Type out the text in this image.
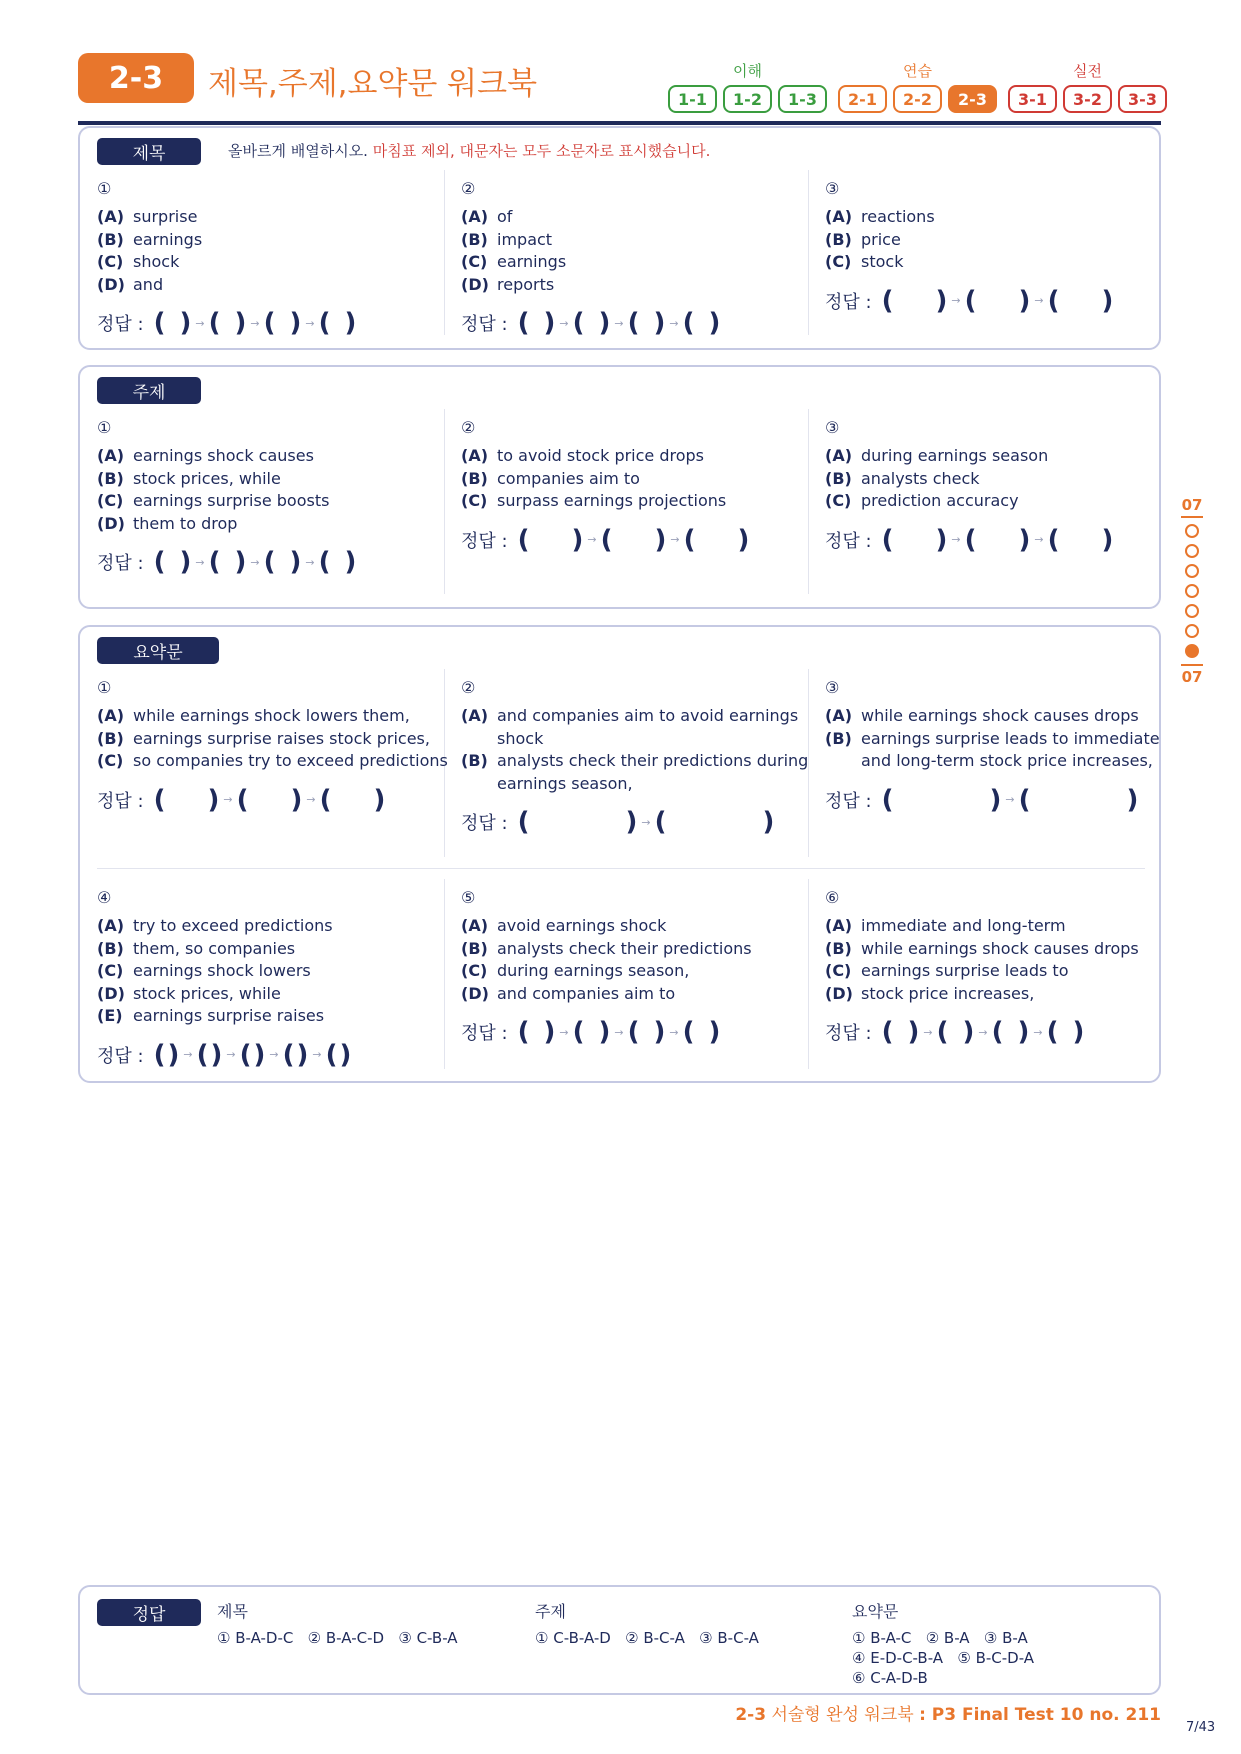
2-3	제목,주제,요약문 워크북	이해
1-1	1-2	1-3
연습
2-1	2-2	2-3
실전
3-1	3-2	3-3
제목	올바르게 배열하시오. 마침표 제외, 대문자는 모두 소문자로 표시했습니다.
①
(A) surprise
(B) earnings
(C) shock
(D) and
정답 : ( ) → ( ) → ( ) → ( )
②
(A) of
(B) impact
(C) earnings
(D) reports
정답 : ( ) → ( ) → ( ) → ( )
③
(A) reactions
(B) price
(C) stock
정답 : ( ) → ( ) → ( )
주제
①
(A) earnings shock causes
(B) stock prices, while
(C) earnings surprise boosts
(D) them to drop
정답 : ( ) → ( ) → ( ) → ( )
②
(A) to avoid stock price drops
(B) companies aim to
(C) surpass earnings projections
정답 : ( ) → ( ) → ( )
③
(A) during earnings season
(B) analysts check
(C) prediction accuracy
정답 : ( ) → ( ) → ( )
요약문
①
(A) while earnings shock lowers them,
(B) earnings surprise raises stock prices,
(C) so companies try to exceed predictions
정답 : ( ) → ( ) → ( )
②
(A) and companies aim to avoid earnings shock
(B) analysts check their predictions during earnings season,
정답 : (	) → (	)
③
(A) while earnings shock causes drops
(B) earnings surprise leads to immediate and long-term stock price increases,
정답 : (	) → (	)
④
(A) try to exceed predictions
(B) them, so companies
(C) earnings shock lowers
(D) stock prices, while
(E) earnings surprise raises
정답 : ( ) → ( ) → ( ) → ( ) → ( )
⑤
(A) avoid earnings shock
(B) analysts check their predictions
(C) during earnings season,
(D) and companies aim to
정답 : ( ) → ( ) → ( ) → ( )
⑥
(A) immediate and long-term
(B) while earnings shock causes drops
(C) earnings surprise leads to
(D) stock price increases,
정답 : ( ) → ( ) → ( ) → ( )
07
07
정답	제목
① B-A-D-C   ② B-A-C-D   ③ C-B-A
주제
① C-B-A-D   ② B-C-A   ③ B-C-A
요약문
① B-A-C   ② B-A   ③ B-A
④ E-D-C-B-A   ⑤ B-C-D-A
⑥ C-A-D-B
2-3 서술형 완성 워크북 : P3 Final Test 10 no. 211
7/43
